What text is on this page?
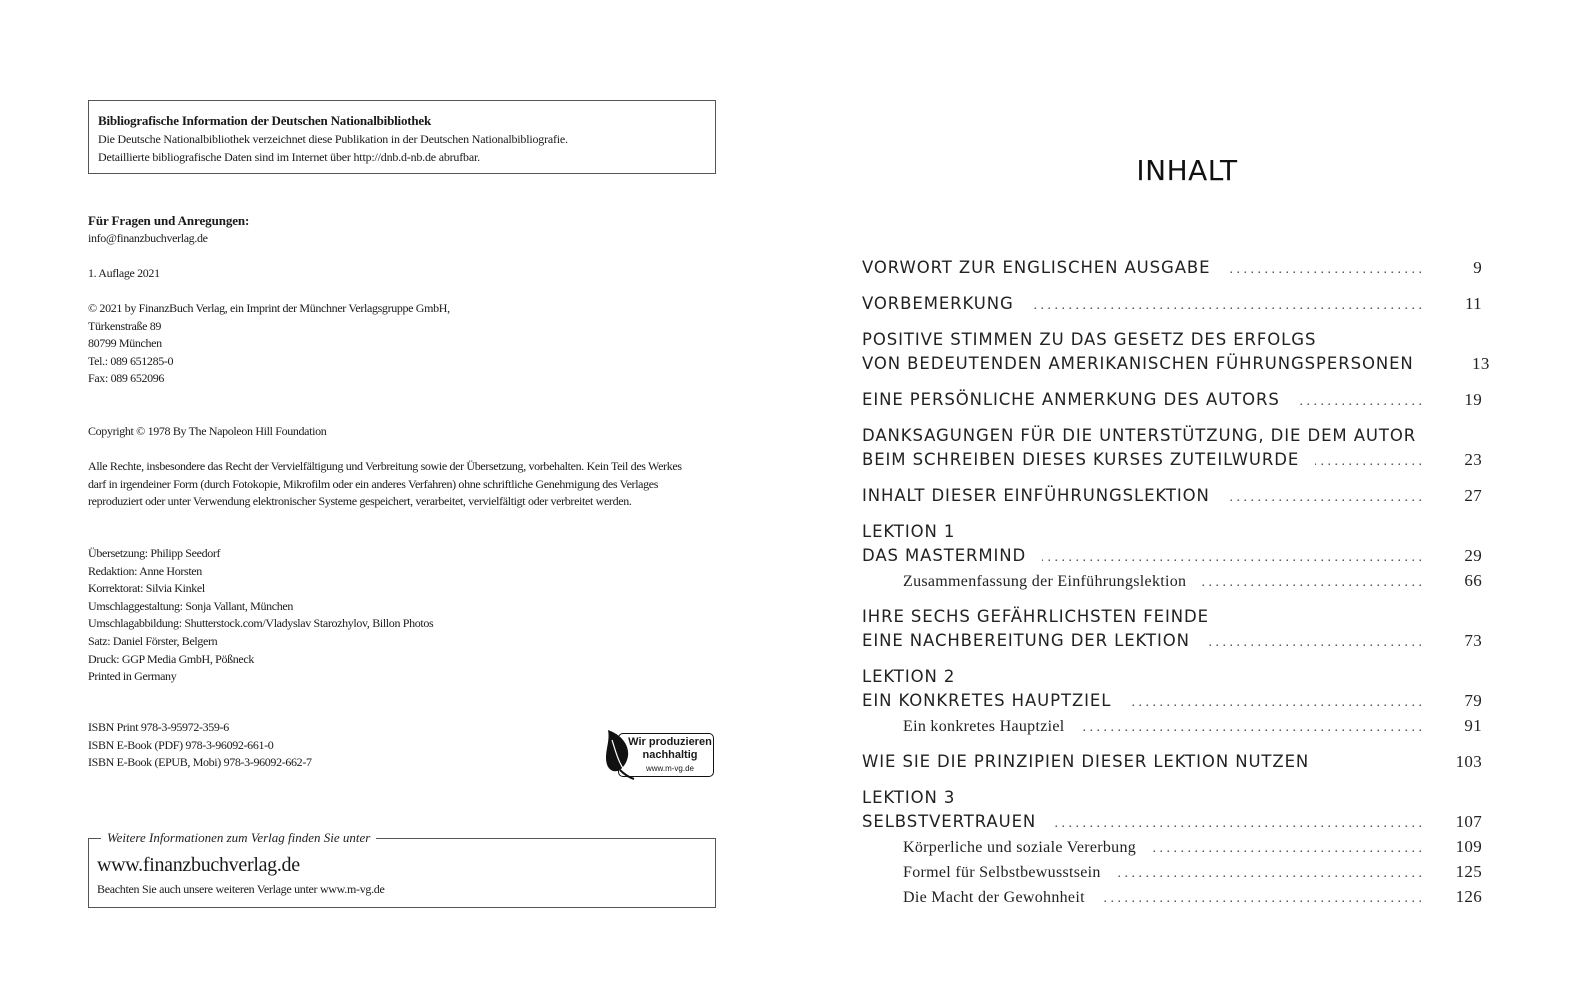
Bibliografische Information der Deutschen Nationalbibliothek
Die Deutsche Nationalbibliothek verzeichnet diese Publikation in der Deutschen Nationalbibliografie.
Detaillierte bibliografische Daten sind im Internet über http://dnb.d-nb.de abrufbar.
Für Fragen und Anregungen:
info@finanzbuchverlag.de
1. Auflage 2021
© 2021 by FinanzBuch Verlag, ein Imprint der Münchner Verlagsgruppe GmbH,
Türkenstraße 89
80799 München
Tel.: 089 651285-0
Fax: 089 652096
Copyright © 1978 By The Napoleon Hill Foundation
Alle Rechte, insbesondere das Recht der Vervielfältigung und Verbreitung sowie der Übersetzung, vorbehalten. Kein Teil des Werkes
darf in irgendeiner Form (durch Fotokopie, Mikrofilm oder ein anderes Verfahren) ohne schriftliche Genehmigung des Verlages
reproduziert oder unter Verwendung elektronischer Systeme gespeichert, verarbeitet, vervielfältigt oder verbreitet werden.
Übersetzung: Philipp Seedorf
Redaktion: Anne Horsten
Korrektorat: Silvia Kinkel
Umschlaggestaltung: Sonja Vallant, München
Umschlagabbildung: Shutterstock.com/Vladyslav Starozhylov, Billon Photos
Satz: Daniel Förster, Belgern
Druck: GGP Media GmbH, Pößneck
Printed in Germany
ISBN Print 978-3-95972-359-6
ISBN E-Book (PDF) 978-3-96092-661-0
ISBN E-Book (EPUB, Mobi) 978-3-96092-662-7
Wir produzieren
nachhaltig
www.m-vg.de
Weitere Informationen zum Verlag finden Sie unter
www.finanzbuchverlag.de
Beachten Sie auch unsere weiteren Verlage unter www.m-vg.de
INHALT
VORWORT ZUR ENGLISCHEN AUSGABE . . .	9
VORBEMERKUNG . . .	11
POSITIVE STIMMEN ZU DAS GESETZ DES ERFOLGS
VON BEDEUTENDEN AMERIKANISCHEN FÜHRUNGSPERSONEN	13
EINE PERSÖNLICHE ANMERKUNG DES AUTORS . . .	19
DANKSAGUNGEN FÜR DIE UNTERSTÜTZUNG, DIE DEM AUTOR
BEIM SCHREIBEN DIESES KURSES ZUTEILWURDE . . .	23
INHALT DIESER EINFÜHRUNGSLEKTION . . .	27
LEKTION 1
DAS MASTERMIND . . .	29
Zusammenfassung der Einführungslektion . . .	66
IHRE SECHS GEFÄHRLICHSTEN FEINDE
EINE NACHBEREITUNG DER LEKTION . . .	73
LEKTION 2
EIN KONKRETES HAUPTZIEL . . .	79
Ein konkretes Hauptziel . . .	91
WIE SIE DIE PRINZIPIEN DIESER LEKTION NUTZEN	103
LEKTION 3
SELBSTVERTRAUEN . . .	107
Körperliche und soziale Vererbung . . .	109
Formel für Selbstbewusstsein . . .	125
Die Macht der Gewohnheit . . .	126
